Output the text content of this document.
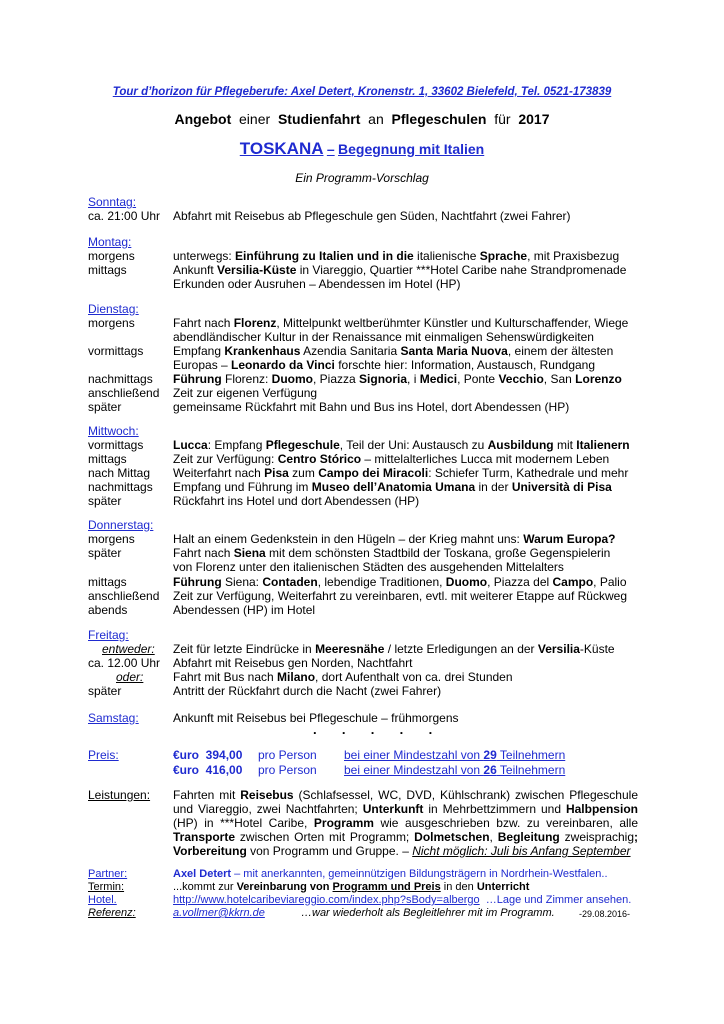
Tour d’horizon für Pflegeberufe: Axel Detert, Kronenstr. 1, 33602 Bielefeld, Tel. 0521-173839
Angebot einer Studienfahrt an Pflegeschulen für 2017
TOSKANA – Begegnung mit Italien
Ein Programm-Vorschlag
Sonntag:
ca. 21:00 Uhr Abfahrt mit Reisebus ab Pflegeschule gen Süden, Nachtfahrt (zwei Fahrer)
Montag:
morgens	unterwegs: Einführung zu Italien und in die italienische Sprache, mit Praxisbezug
mittags	Ankunft Versilia-Küste in Viareggio, Quartier ***Hotel Caribe nahe Strandpromenade
Erkunden oder Ausruhen – Abendessen im Hotel (HP)
Dienstag:
morgens	Fahrt nach Florenz, Mittelpunkt weltberühmter Künstler und Kulturschaffender, Wiege
abendländischer Kultur in der Renaissance mit einmaligen Sehenswürdigkeiten
vormittags Empfang Krankenhaus Azendia Sanitaria Santa Maria Nuova, einem der ältesten
Europas – Leonardo da Vinci forschte hier: Information, Austausch, Rundgang
nachmittags Führung Florenz: Duomo, Piazza Signoria, i Medici, Ponte Vecchio, San Lorenzo
anschließend Zeit zur eigenen Verfügung
später	gemeinsame Rückfahrt mit Bahn und Bus ins Hotel, dort Abendessen (HP)
Mittwoch:
vormittags Lucca: Empfang Pflegeschule, Teil der Uni: Austausch zu Ausbildung mit Italienern
mittags	Zeit zur Verfügung: Centro Stórico – mittelalterliches Lucca mit modernem Leben
nach Mittag Weiterfahrt nach Pisa zum Campo dei Miracoli: Schiefer Turm, Kathedrale und mehr
nachmittags Empfang und Führung im Museo dell’Anatomia Umana in der Università di Pisa
später	Rückfahrt ins Hotel und dort Abendessen (HP)
Donnerstag:
morgens	Halt an einem Gedenkstein in den Hügeln – der Krieg mahnt uns: Warum Europa?
später	Fahrt nach Siena mit dem schönsten Stadtbild der Toskana, große Gegenspielerin
von Florenz unter den italienischen Städten des ausgehenden Mittelalters
mittags	Führung Siena: Contaden, lebendige Traditionen, Duomo, Piazza del Campo, Palio
anschließend Zeit zur Verfügung, Weiterfahrt zu vereinbaren, evtl. mit weiterer Etappe auf Rückweg
abends	Abendessen (HP) im Hotel
Freitag:
entweder: Zeit für letzte Eindrücke in Meeresnähe / letzte Erledigungen an der Versilia-Küste
ca. 12.00 Uhr Abfahrt mit Reisebus gen Norden, Nachtfahrt
oder: Fahrt mit Bus nach Milano, dort Aufenthalt von ca. drei Stunden
später	Antritt der Rückfahrt durch die Nacht (zwei Fahrer)
Samstag:	Ankunft mit Reisebus bei Pflegeschule – frühmorgens
.       .       .       .       .
Preis:	€uro  394,00 pro Person bei einer Mindestzahl von 29 Teilnehmern
€uro  416,00 pro Person bei einer Mindestzahl von 26 Teilnehmern
Leistungen: Fahrten mit Reisebus (Schlafsessel, WC, DVD, Kühlschrank) zwischen Pflegeschule
und Viareggio, zwei Nachtfahrten; Unterkunft in Mehrbettzimmern und Halbpension
(HP) in ***Hotel Caribe, Programm wie ausgeschrieben bzw. zu vereinbaren, alle
Transporte zwischen Orten mit Programm; Dolmetschen, Begleitung zweisprachig;
Vorbereitung von Programm und Gruppe. – Nicht möglich: Juli bis Anfang September
Partner:	Axel Detert – mit anerkannten, gemeinnützigen Bildungsträgern in Nordrhein-Westfalen..
Termin:	...kommt zur Vereinbarung von Programm und Preis in den Unterricht
Hotel.	http://www.hotelcaribeviareggio.com/index.php?sBody=albergo  …Lage und Zimmer ansehen.
Referenz:	a.vollmer@kkrn.de	…war wiederholt als Begleitlehrer mit im Programm.	-29.08.2016-
